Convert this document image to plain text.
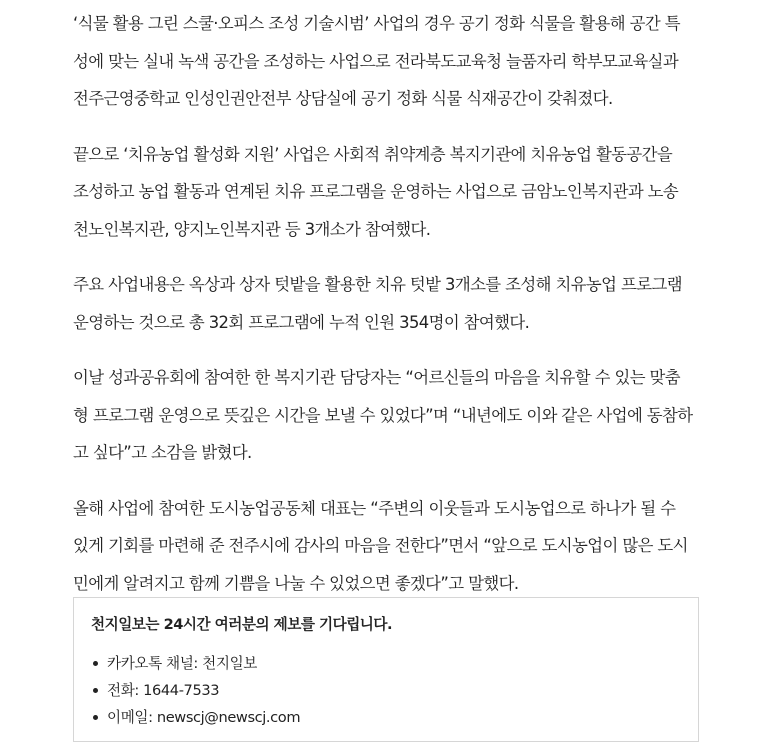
‘식물 활용 그린 스쿨·오피스 조성 기술시범’ 사업의 경우 공기 정화 식물을 활용해 공간 특
성에 맞는 실내 녹색 공간을 조성하는 사업으로 전라북도교육청 늘품자리 학부모교육실과
전주근영중학교 인성인권안전부 상담실에 공기 정화 식물 식재공간이 갖춰졌다.

끝으로 ‘치유농업 활성화 지원’ 사업은 사회적 취약계층 복지기관에 치유농업 활동공간을
조성하고 농업 활동과 연계된 치유 프로그램을 운영하는 사업으로 금암노인복지관과 노송
천노인복지관, 양지노인복지관 등 3개소가 참여했다.

주요 사업내용은 옥상과 상자 텃밭을 활용한 치유 텃밭 3개소를 조성해 치유농업 프로그램
운영하는 것으로 총 32회 프로그램에 누적 인원 354명이 참여했다.

이날 성과공유회에 참여한 한 복지기관 담당자는 “어르신들의 마음을 치유할 수 있는 맞춤
형 프로그램 운영으로 뜻깊은 시간을 보낼 수 있었다”며 “내년에도 이와 같은 사업에 동참하
고 싶다”고 소감을 밝혔다.

올해 사업에 참여한 도시농업공동체 대표는 “주변의 이웃들과 도시농업으로 하나가 될 수
있게 기회를 마련해 준 전주시에 감사의 마음을 전한다”면서 “앞으로 도시농업이 많은 도시
민에게 알려지고 함께 기쁨을 나눌 수 있었으면 좋겠다”고 말했다.

천지일보는 24시간 여러분의 제보를 기다립니다.
카카오톡 채널: 천지일보
전화: 1644-7533
이메일: newscj@newscj.com
